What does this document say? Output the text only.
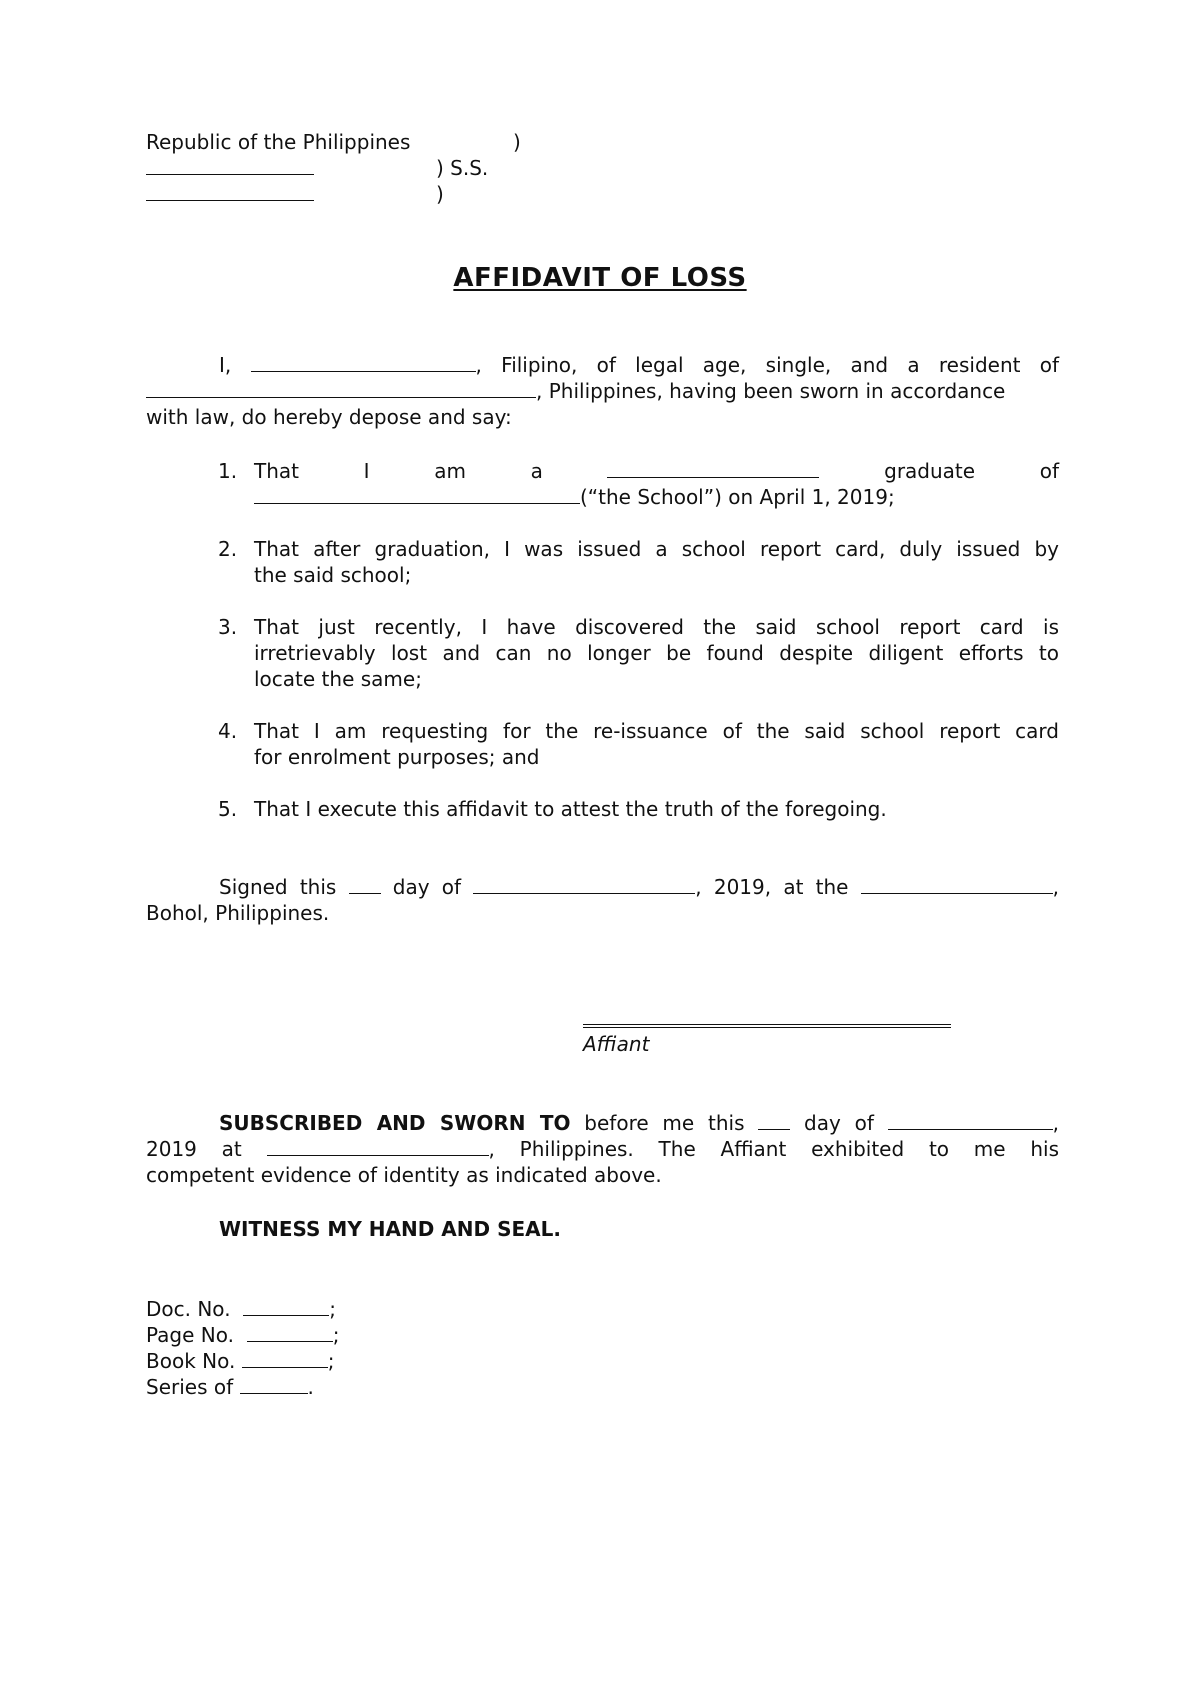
Republic of the Philippines	)
) S.S.
)
AFFIDAVIT OF LOSS
I,	, Filipino, of legal age, single, and a resident of
, Philippines, having been sworn in accordance
with law, do hereby depose and say:
1. That	I	am	a	graduate	of
(“the School”) on April 1, 2019;
2. That after graduation, I was issued a school report card, duly issued by
the said school;
3. That just recently, I have discovered the said school report card is
irretrievably lost and can no longer be found despite diligent efforts to
locate the same;
4. That I am requesting for the re-issuance of the said school report card
for enrolment purposes; and
5. That I execute this affidavit to attest the truth of the foregoing.
Signed this	day of	, 2019, at the	,
Bohol, Philippines.
Affiant
SUBSCRIBED AND SWORN TO before me this	day of	,
2019 at	, Philippines. The Affiant exhibited to me his
competent evidence of identity as indicated above.
WITNESS MY HAND AND SEAL.
Doc. No.	;
Page No.	;
Book No.	;
Series of	.
